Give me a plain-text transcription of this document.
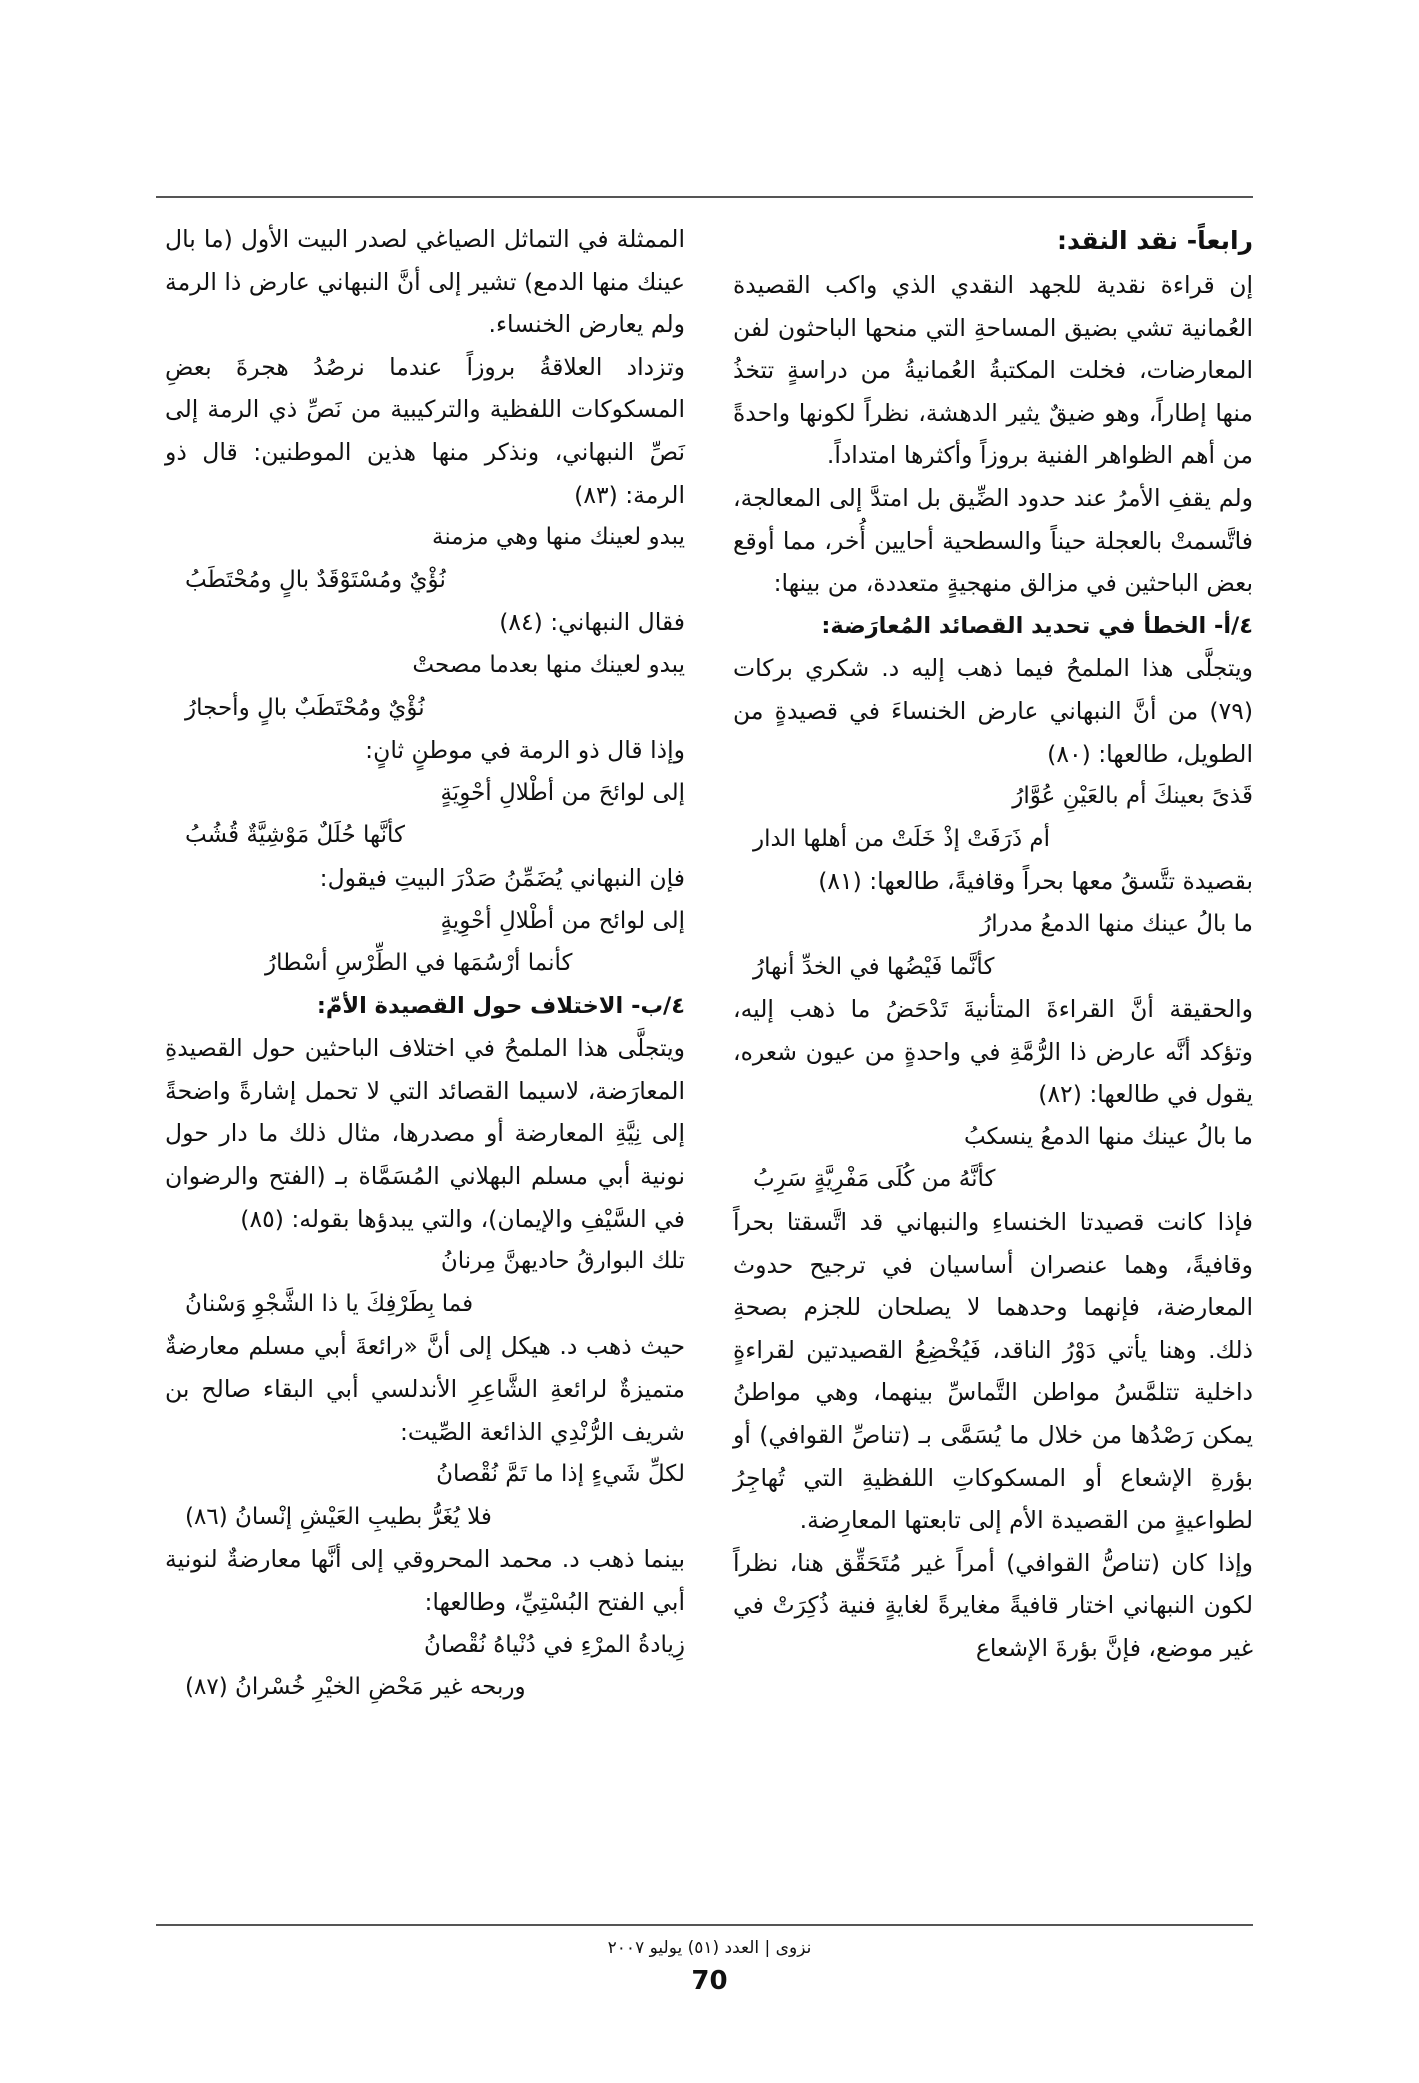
رابعاً- نقد النقد:
إن قراءة نقدية للجهد النقدي الذي واكب القصيدة العُمانية تشي بضيق المساحةِ التي منحها الباحثون لفن المعارضات، فخلت المكتبةُ العُمانيةُ من دراسةٍ تتخذُ منها إطاراً، وهو ضيقٌ يثير الدهشة، نظراً لكونها واحدةً من أهم الظواهر الفنية بروزاً وأكثرها امتداداً.
ولم يقفِ الأمرُ عند حدود الضِّيق بل امتدَّ إلى المعالجة، فاتَّسمتْ بالعجلة حيناً والسطحية أحايين أُخر، مما أوقع بعض الباحثين في مزالق منهجيةٍ متعددة، من بينها:
٤/أ- الخطأ في تحديد القصائد المُعارَضة:
ويتجلَّى هذا الملمحُ فيما ذهب إليه د. شكري بركات (٧٩) من أنَّ النبهاني عارض الخنساءَ في قصيدةٍ من الطويل، طالعها: (٨٠)
قَذىً بعينكَ أم بالعَيْنِ عُوَّارُ
أم ذَرَفَتْ إذْ خَلَتْ من أهلها الدار
بقصيدة تتَّسقُ معها بحراً وقافيةً، طالعها: (٨١)
ما بالُ عينك منها الدمعُ مدرارُ
كأنَّما فَيْضُها في الخدِّ أنهارُ
والحقيقة أنَّ القراءةَ المتأنيةَ تَدْحَضُ ما ذهب إليه، وتؤكد أنَّه عارض ذا الرُّمَّةِ في واحدةٍ من عيون شعره، يقول في طالعها: (٨٢)
ما بالُ عينك منها الدمعُ ينسكبُ
كأنَّهُ من كُلَى مَفْرِيَّةٍ سَرِبُ
فإذا كانت قصيدتا الخنساءِ والنبهاني قد اتَّسقتا بحراً وقافيةً، وهما عنصران أساسيان في ترجيح حدوث المعارضة، فإنهما وحدهما لا يصلحان للجزم بصحةِ ذلك. وهنا يأتي دَوْرُ الناقد، فَيُخْضِعُ القصيدتين لقراءةٍ داخلية تتلمَّسُ مواطن التَّماسِّ بينهما، وهي مواطنُ يمكن رَصْدُها من خلال ما يُسَمَّى بـ (تناصِّ القوافي) أو بؤرةِ الإشعاع أو المسكوكاتِ اللفظيةِ التي تُهاجِرُ لطواعيةٍ من القصيدة الأم إلى تابعتها المعارِضة.
وإذا كان (تناصُّ القوافي) أمراً غير مُتَحَقِّق هنا، نظراً لكون النبهاني اختار قافيةً مغايرةً لغايةٍ فنية ذُكِرَتْ في غير موضع، فإنَّ بؤرةَ الإشعاع
الممثلة في التماثل الصياغي لصدر البيت الأول (ما بال عينك منها الدمع) تشير إلى أنَّ النبهاني عارض ذا الرمة ولم يعارض الخنساء.
وتزداد العلاقةُ بروزاً عندما نرصُدُ هجرةَ بعضِ المسكوكات اللفظية والتركيبية من نَصِّ ذي الرمة إلى نَصِّ النبهاني، ونذكر منها هذين الموطنين: قال ذو الرمة: (٨٣)
يبدو لعينك منها وهي مزمنة
نُؤْيٌ ومُسْتَوْقَدٌ بالٍ ومُحْتَطَبُ
فقال النبهاني: (٨٤)
يبدو لعينك منها بعدما مصحتْ
نُؤْيٌ ومُحْتَطَبٌ بالٍ وأحجارُ
وإذا قال ذو الرمة في موطنٍ ثانٍ:
إلى لوائحَ من أطْلالِ أحْوِيَةٍ
كأنَّها حُلَلٌ مَوْشِيَّةٌ قُشُبُ
فإن النبهاني يُضَمِّنُ صَدْرَ البيتِ فيقول:
إلى لوائح من أطْلالِ أحْوِيةٍ
كأنما أرْسُمَها في الطِّرْسِ أسْطارُ
٤/ب- الاختلاف حول القصيدة الأمّ:
ويتجلَّى هذا الملمحُ في اختلاف الباحثين حول القصيدةِ المعارَضة، لاسيما القصائد التي لا تحمل إشارةً واضحةً إلى نِيَّةِ المعارضة أو مصدرها، مثال ذلك ما دار حول نونية أبي مسلم البهلاني المُسَمَّاة بـ (الفتح والرضوان في السَّيْفِ والإيمان)، والتي يبدؤها بقوله: (٨٥)
تلك البوارقُ حاديهنَّ مِرنانُ
فما بِطَرْفِكَ يا ذا الشَّجْوِ وَسْنانُ
حيث ذهب د. هيكل إلى أنَّ «رائعةَ أبي مسلم معارضةٌ متميزةٌ لرائعةِ الشَّاعِرِ الأندلسي أبي البقاء صالح بن شريف الرُّنْدِي الذائعة الصِّيت:
لكلِّ شَيءٍ إذا ما تَمَّ نُقْصانُ
فلا يُغَرُّ بطيبِ العَيْشِ إنْسانُ (٨٦)
بينما ذهب د. محمد المحروقي إلى أنَّها معارضةٌ لنونية أبي الفتح البُسْتِيِّ، وطالعها:
زِيادةُ المرْءِ في دُنْياهُ نُقْصانُ
وربحه غير مَحْضِ الخيْرِ خُسْرانُ (٨٧)
نزوى | العدد (٥١) يوليو ٢٠٠٧
70
